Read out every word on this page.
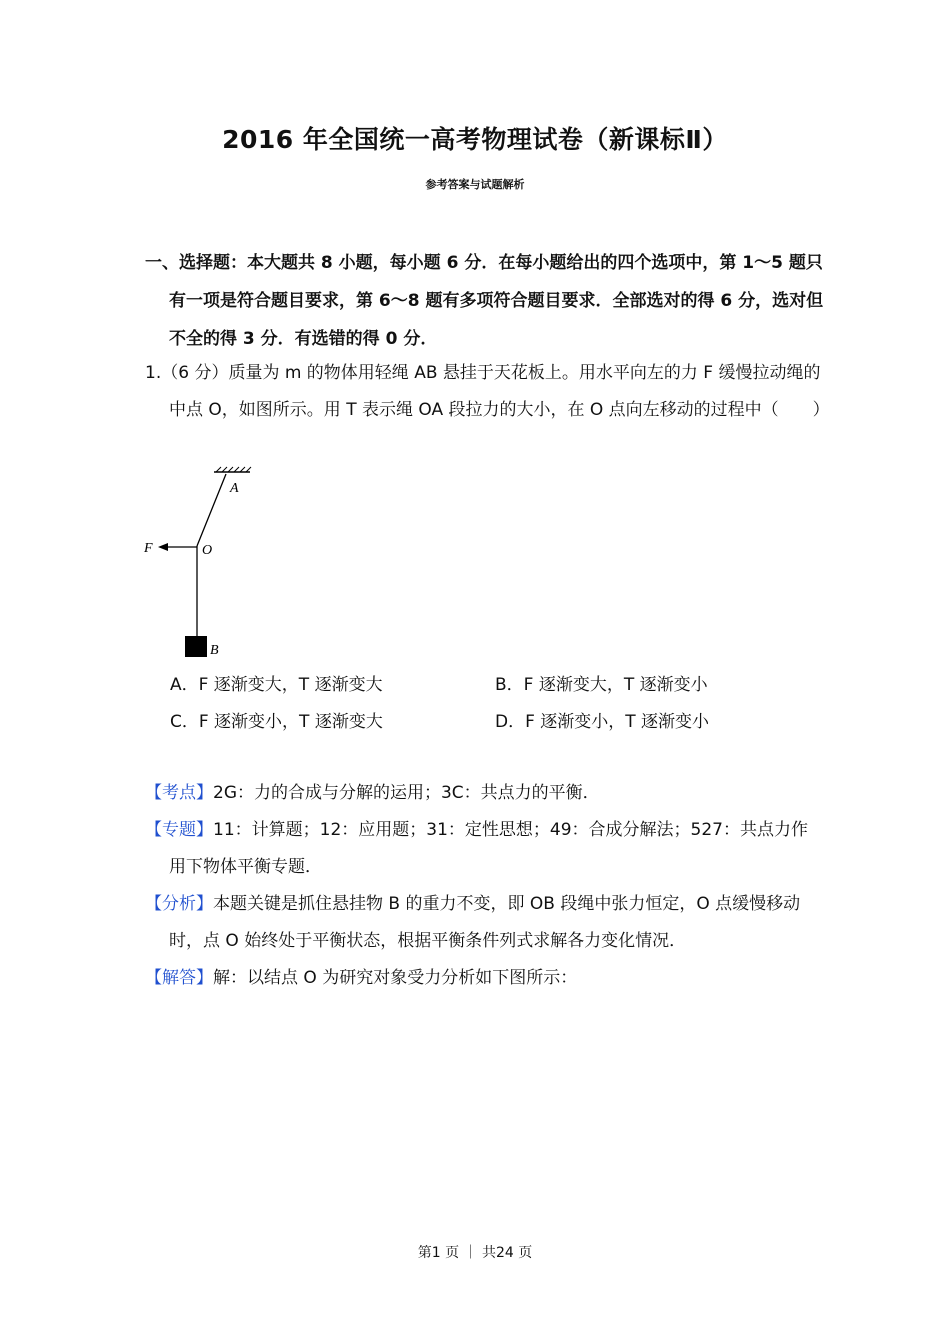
2016 年全国统一高考物理试卷（新课标Ⅱ）
参考答案与试题解析
一、选择题：本大题共 8 小题，每小题 6 分．在每小题给出的四个选项中，第 1～5 题只有一项是符合题目要求，第 6～8 题有多项符合题目要求．全部选对的得 6 分，选对但不全的得 3 分．有选错的得 0 分．
1.（6 分）质量为 m 的物体用轻绳 AB 悬挂于天花板上。用水平向左的力 F 缓慢拉动绳的中点 O，如图所示。用 T 表示绳 OA 段拉力的大小，在 O 点向左移动的过程中（　　）
A
O
F
B
A．F 逐渐变大，T 逐渐变大	B．F 逐渐变大，T 逐渐变小
C．F 逐渐变小，T 逐渐变大	D．F 逐渐变小，T 逐渐变小
【考点】2G：力的合成与分解的运用；3C：共点力的平衡．
【专题】11：计算题；12：应用题；31：定性思想；49：合成分解法；527：共点力作用下物体平衡专题．
【分析】本题关键是抓住悬挂物 B 的重力不变，即 OB 段绳中张力恒定，O 点缓慢移动时，点 O 始终处于平衡状态，根据平衡条件列式求解各力变化情况．
【解答】解：以结点 O 为研究对象受力分析如下图所示：
第1 页 ｜ 共24 页
